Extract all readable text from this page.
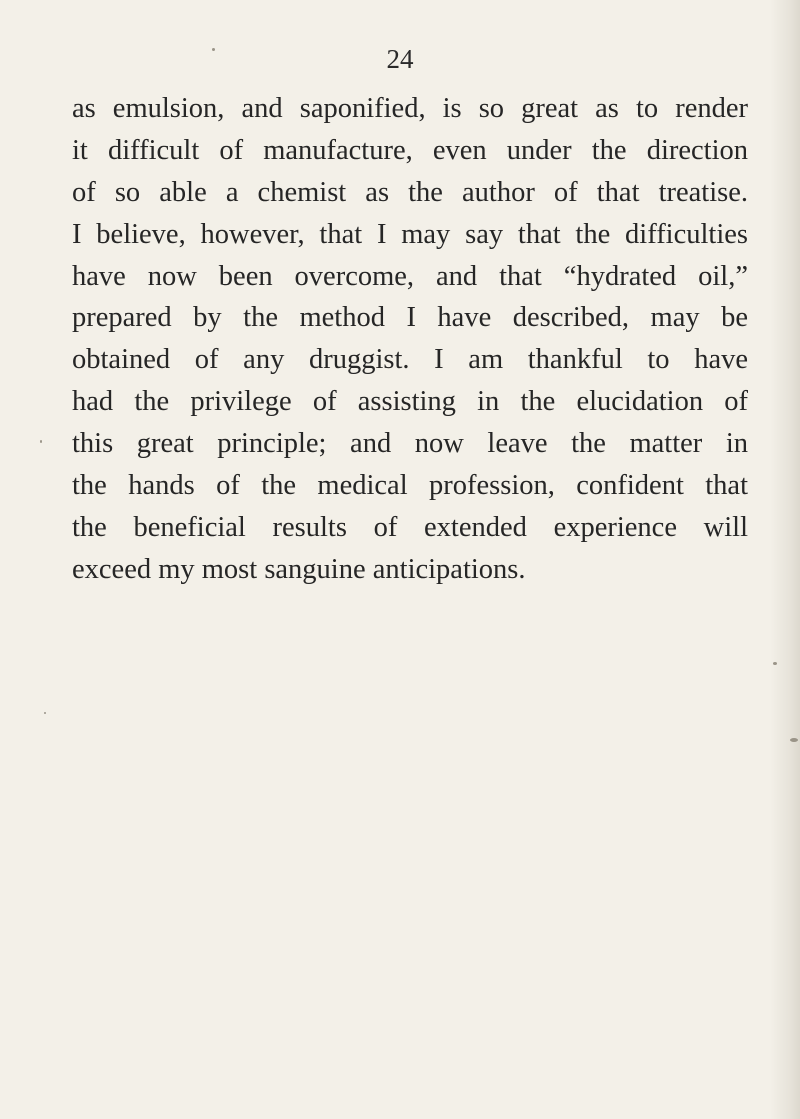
24
as emulsion, and saponified, is so great as to render
it difficult of manufacture, even under the direction
of so able a chemist as the author of that treatise.
I believe, however, that I may say that the difficulties
have now been overcome, and that “hydrated oil,”
prepared by the method I have described, may be
obtained of any druggist. I am thankful to have
had the privilege of assisting in the elucidation of
this great principle; and now leave the matter in
the hands of the medical profession, confident that
the beneficial results of extended experience will
exceed my most sanguine anticipations.
